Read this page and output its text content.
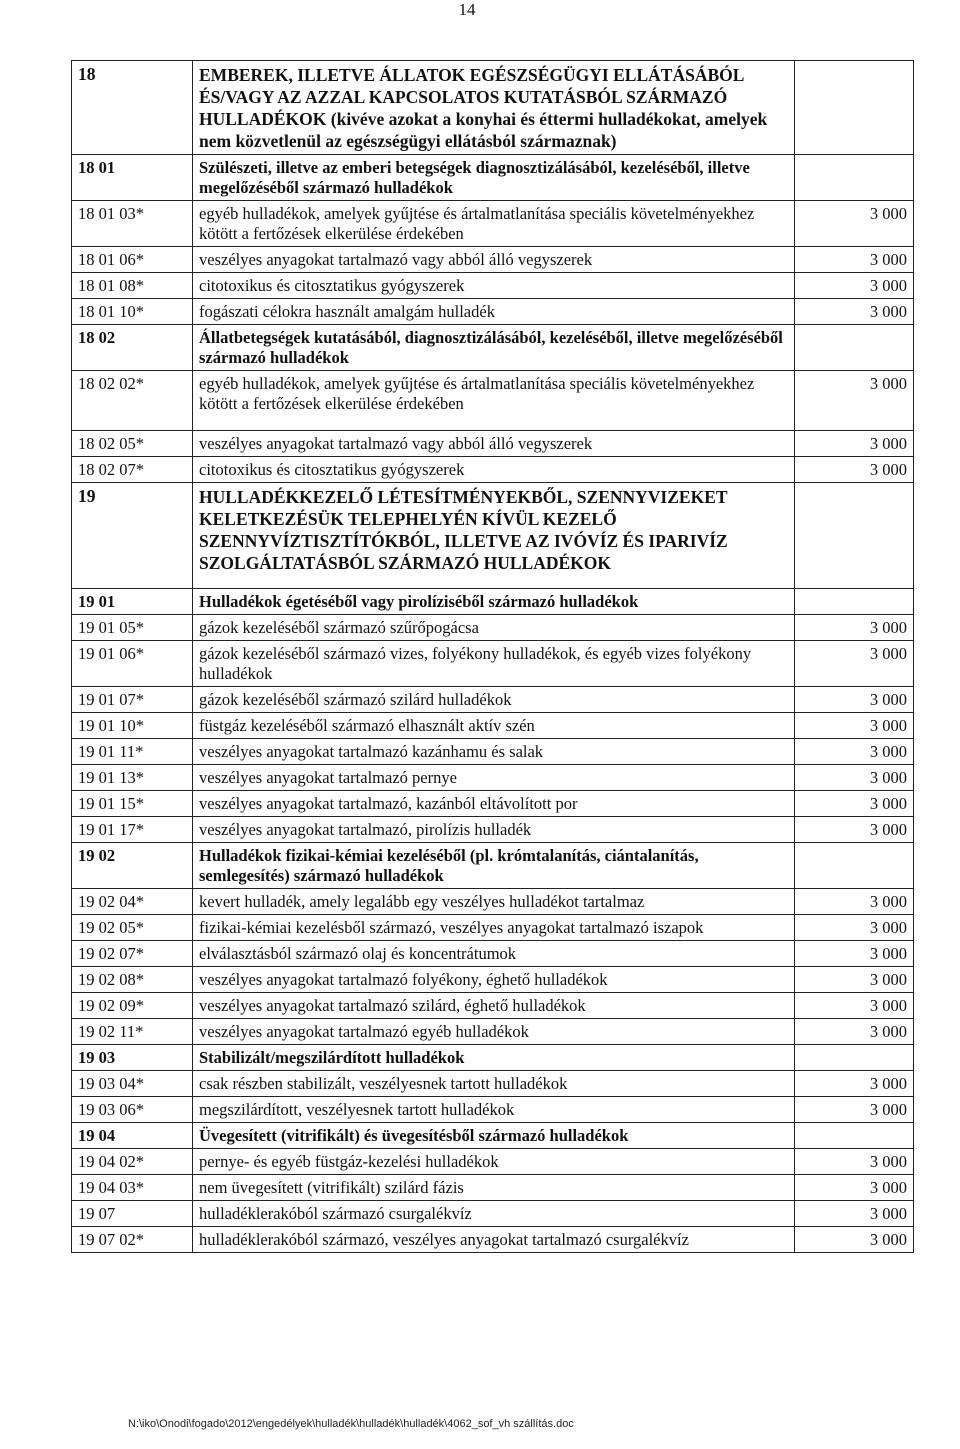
14
18	EMBEREK, ILLETVE ÁLLATOK EGÉSZSÉGÜGYI ELLÁTÁSÁBÓL ÉS/VAGY AZ AZZAL KAPCSOLATOS KUTATÁSBÓL SZÁRMAZÓ HULLADÉKOK (kivéve azokat a konyhai és éttermi hulladékokat, amelyek nem közvetlenül az egészségügyi ellátásból származnak)	
18 01	Szülészeti, illetve az emberi betegségek diagnosztizálásából, kezeléséből, illetve megelőzéséből származó hulladékok	
18 01 03*	egyéb hulladékok, amelyek gyűjtése és ártalmatlanítása speciális követelményekhez kötött a fertőzések elkerülése érdekében	3 000
18 01 06*	veszélyes anyagokat tartalmazó vagy abból álló vegyszerek	3 000
18 01 08*	citotoxikus és citosztatikus gyógyszerek	3 000
18 01 10*	fogászati célokra használt amalgám hulladék	3 000
18 02	Állatbetegségek kutatásából, diagnosztizálásából, kezeléséből, illetve megelőzéséből származó hulladékok	
18 02 02*	egyéb hulladékok, amelyek gyűjtése és ártalmatlanítása speciális követelményekhez kötött a fertőzések elkerülése érdekében	3 000
18 02 05*	veszélyes anyagokat tartalmazó vagy abból álló vegyszerek	3 000
18 02 07*	citotoxikus és citosztatikus gyógyszerek	3 000
19	HULLADÉKKEZELŐ LÉTESÍTMÉNYEKBŐL, SZENNYVIZEKET KELETKEZÉSÜK TELEPHELYÉN KÍVÜL KEZELŐ SZENNYVÍZTISZTÍTÓKBÓL, ILLETVE AZ IVÓVÍZ ÉS IPARIVÍZ SZOLGÁLTATÁSBÓL SZÁRMAZÓ HULLADÉKOK	
19 01	Hulladékok égetéséből vagy pirolíziséből származó hulladékok	
19 01 05*	gázok kezeléséből származó szűrőpogácsa	3 000
19 01 06*	gázok kezeléséből származó vizes, folyékony hulladékok, és egyéb vizes folyékony hulladékok	3 000
19 01 07*	gázok kezeléséből származó szilárd hulladékok	3 000
19 01 10*	füstgáz kezeléséből származó elhasznált aktív szén	3 000
19 01 11*	veszélyes anyagokat tartalmazó kazánhamu és salak	3 000
19 01 13*	veszélyes anyagokat tartalmazó pernye	3 000
19 01 15*	veszélyes anyagokat tartalmazó, kazánból eltávolított por	3 000
19 01 17*	veszélyes anyagokat tartalmazó, pirolízis hulladék	3 000
19 02	Hulladékok fizikai-kémiai kezeléséből (pl. krómtalanítás, ciántalanítás, semlegesítés) származó hulladékok	
19 02 04*	kevert hulladék, amely legalább egy veszélyes hulladékot tartalmaz	3 000
19 02 05*	fizikai-kémiai kezelésből származó, veszélyes anyagokat tartalmazó iszapok	3 000
19 02 07*	elválasztásból származó olaj és koncentrátumok	3 000
19 02 08*	veszélyes anyagokat tartalmazó folyékony, éghető hulladékok	3 000
19 02 09*	veszélyes anyagokat tartalmazó szilárd, éghető hulladékok	3 000
19 02 11*	veszélyes anyagokat tartalmazó egyéb hulladékok	3 000
19 03	Stabilizált/megszilárdított hulladékok	
19 03 04*	csak részben stabilizált, veszélyesnek tartott hulladékok	3 000
19 03 06*	megszilárdított, veszélyesnek tartott hulladékok	3 000
19 04	Üvegesített (vitrifikált) és üvegesítésből származó hulladékok	
19 04 02*	pernye- és egyéb füstgáz-kezelési hulladékok	3 000
19 04 03*	nem üvegesített (vitrifikált) szilárd fázis	3 000
19 07	hulladéklerakóból származó csurgalékvíz	3 000
19 07 02*	hulladéklerakóból származó, veszélyes anyagokat tartalmazó csurgalékvíz	3 000
N:\iko\Onodi\fogado\2012\engedélyek\hulladék\hulladék\hulladék\4062_sof_vh szállítás.doc
